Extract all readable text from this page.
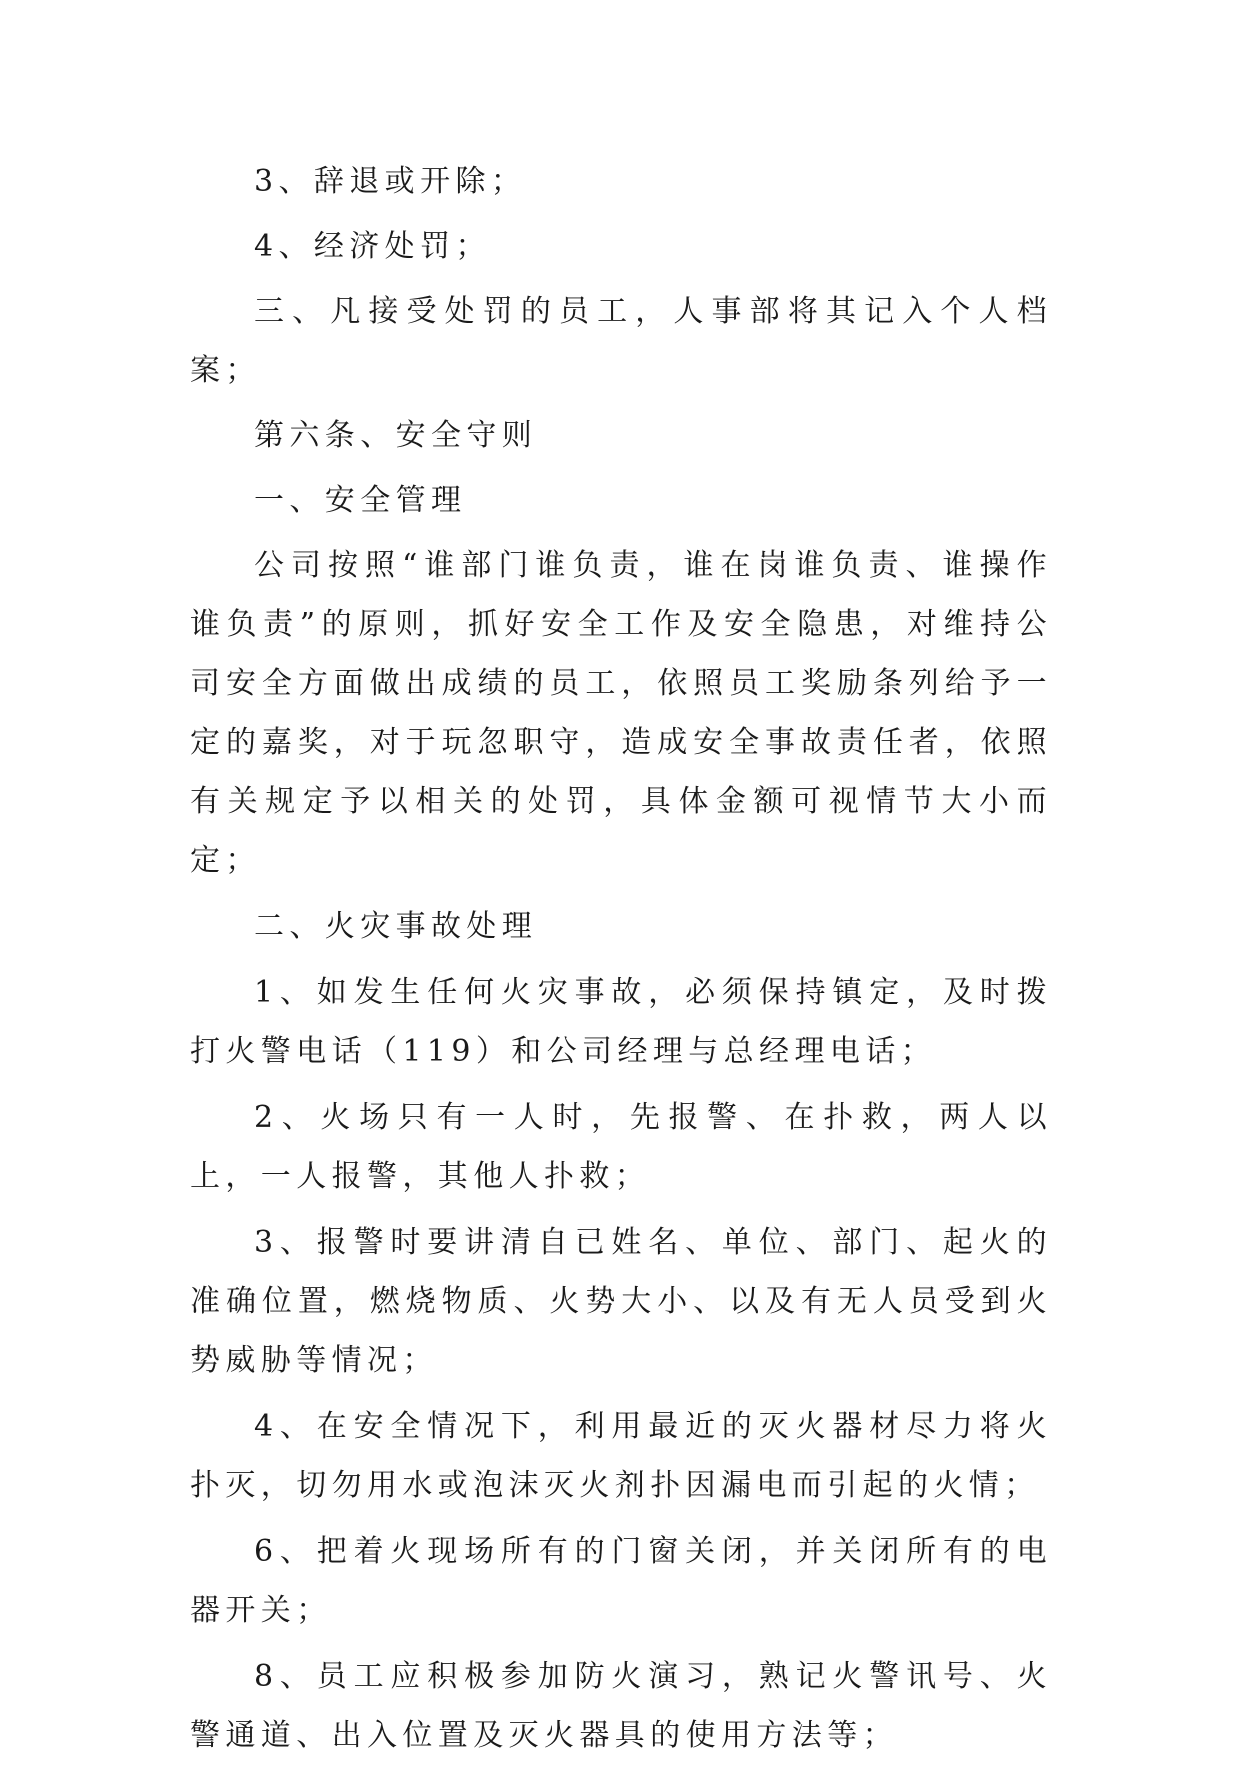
3、辞退或开除；

4、经济处罚；

三、凡接受处罚的员工，人事部将其记入个人档案；

第六条、安全守则

一、安全管理

公司按照“谁部门谁负责，谁在岗谁负责、谁操作谁负责”的原则，抓好安全工作及安全隐患，对维持公司安全方面做出成绩的员工，依照员工奖励条列给予一定的嘉奖，对于玩忽职守，造成安全事故责任者，依照有关规定予以相关的处罚，具体金额可视情节大小而定；

二、火灾事故处理

1、如发生任何火灾事故，必须保持镇定，及时拨打火警电话（119）和公司经理与总经理电话；

2、火场只有一人时，先报警、在扑救，两人以上，一人报警，其他人扑救；

3、报警时要讲清自已姓名、单位、部门、起火的准确位置，燃烧物质、火势大小、以及有无人员受到火势威胁等情况；

4、在安全情况下，利用最近的灭火器材尽力将火扑灭，切勿用水或泡沫灭火剂扑因漏电而引起的火情；

6、把着火现场所有的门窗关闭，并关闭所有的电器开关；

8、员工应积极参加防火演习，熟记火警讯号、火警通道、出入位置及灭火器具的使用方法等；
